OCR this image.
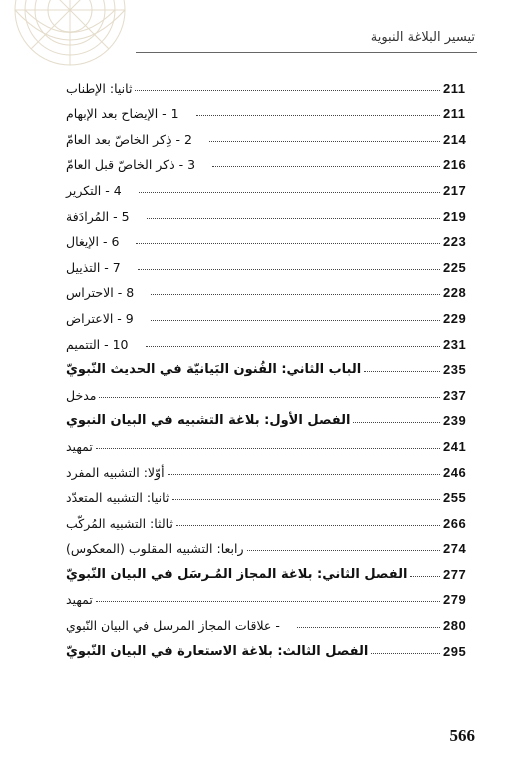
تيسير البلاغة النبوية
ثانيا: الإطناب	211
1 - الإيضاح بعد الإبهام	211
2 - ذِكر الخاصّ بعد العامّ	214
3 - ذكر الخاصّ قبل العامّ	216
4 - التكرير	217
5 - المُرادَفة	219
6 - الإيغال	223
7 - التذييل	225
8 - الاحتراس	228
9 - الاعتراض	229
10 - التتميم	231
الباب الثاني: الفُنون البَيانيّة في الحديث النّبويّ	235
مدخل	237
الفصل الأول: بلاغة التشبيه في البيان النبوي	239
تمهيد	241
أوّلا: التشبيه المفرد	246
ثانيا: التشبيه المتعدّد	255
ثالثا: التشبيه المُركّب	266
رابعا: التشبيه المقلوب (المعكوس)	274
الفصل الثاني: بلاغة المجاز المُـرسَل في البيان النّبويّ	277
تمهيد	279
- علاقات المجاز المرسل في البيان النّبوي	280
الفصل الثالث: بلاغة الاستعارة في البيان النّبويّ	295
566
